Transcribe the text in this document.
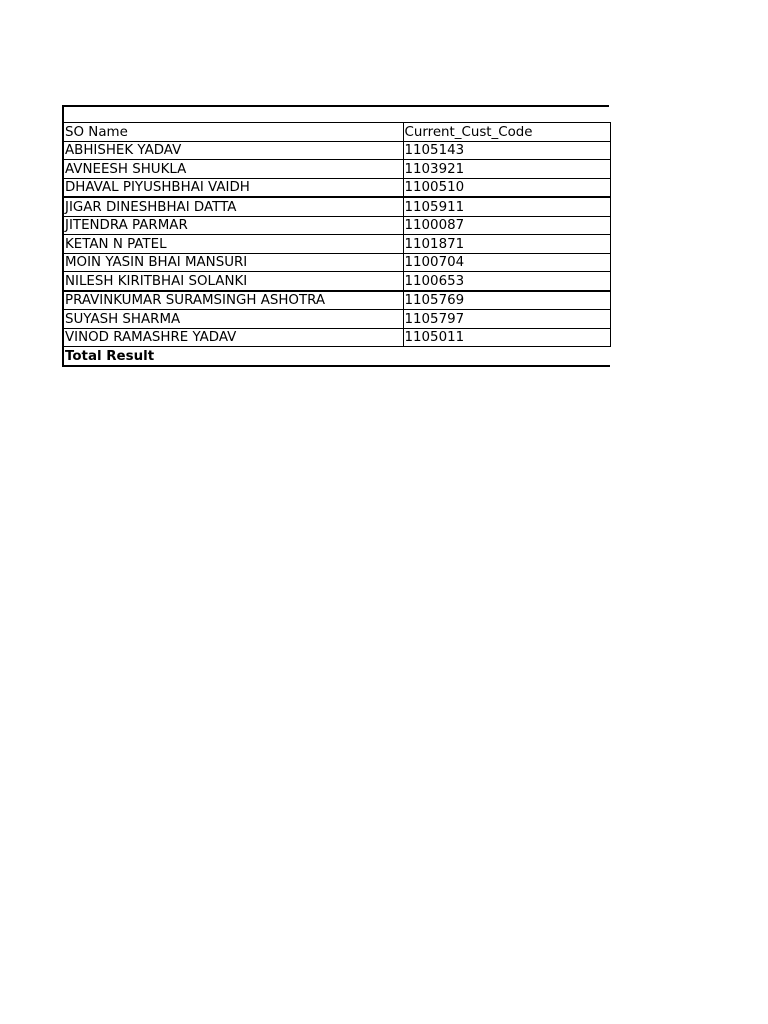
SO Name	Current_Cust_Code
ABHISHEK YADAV	1105143
AVNEESH SHUKLA	1103921
DHAVAL PIYUSHBHAI VAIDH	1100510
JIGAR DINESHBHAI DATTA	1105911
JITENDRA PARMAR	1100087
KETAN N PATEL	1101871
MOIN YASIN BHAI MANSURI	1100704
NILESH KIRITBHAI SOLANKI	1100653
PRAVINKUMAR SURAMSINGH ASHOTRA	1105769
SUYASH SHARMA	1105797
VINOD RAMASHRE YADAV	1105011
Total Result	
